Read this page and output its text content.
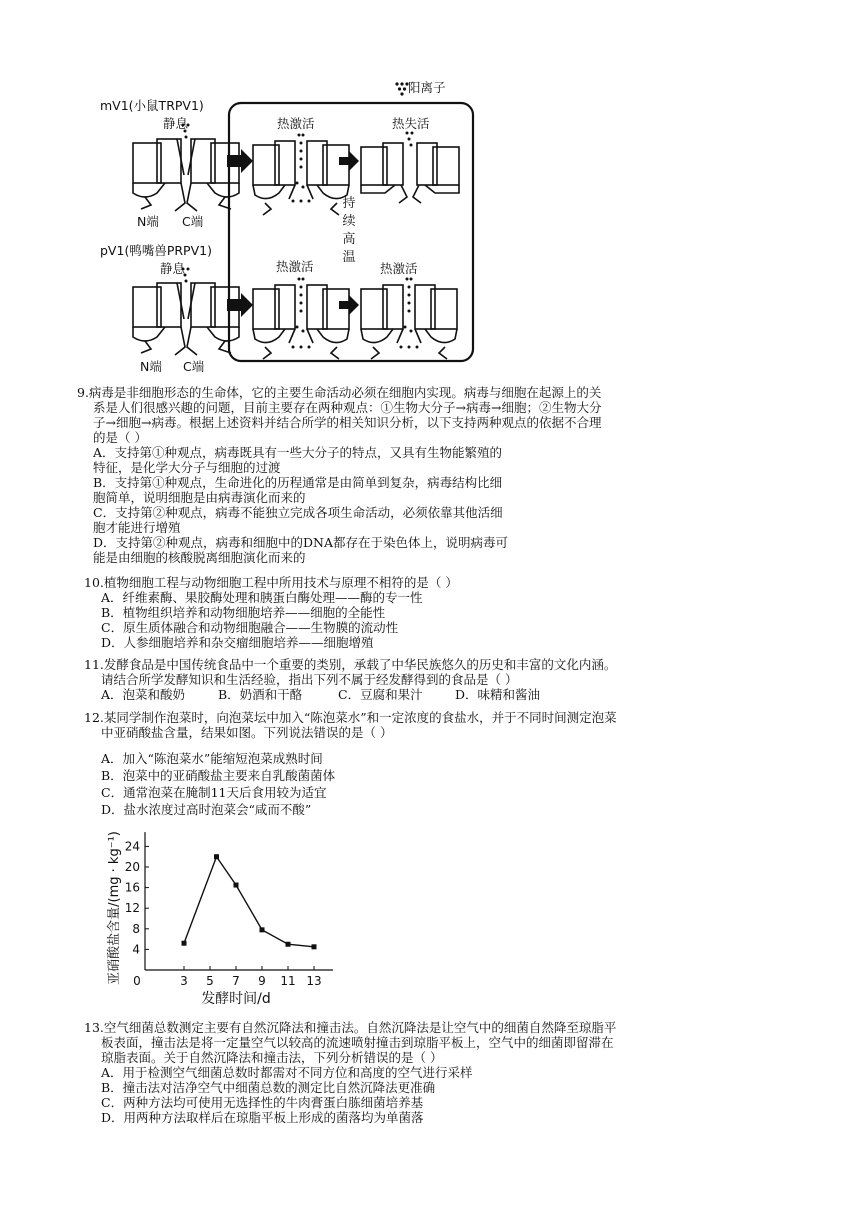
阳离子
mV1(小鼠TRPV1)
静息	热激活	热失活
N端 C端
pV1(鸭嘴兽PRPV1)
静息	热激活	热激活
N端 C端
持
续
高
温
9.病毒是非细胞形态的生命体，它的主要生命活动必须在细胞内实现。病毒与细胞在起源上的关
系是人们很感兴趣的问题，目前主要存在两种观点：①生物大分子→病毒→细胞；②生物大分
子→细胞→病毒。根据上述资料并结合所学的相关知识分析，以下支持两种观点的依据不合理
的是（ ）
A．支持第①种观点，病毒既具有一些大分子的特点，又具有生物能繁殖的
特征，是化学大分子与细胞的过渡
B．支持第①种观点，生命进化的历程通常是由简单到复杂，病毒结构比细
胞简单，说明细胞是由病毒演化而来的
C．支持第②种观点，病毒不能独立完成各项生命活动，必须依靠其他活细
胞才能进行增殖
D．支持第②种观点，病毒和细胞中的DNA都存在于染色体上，说明病毒可
能是由细胞的核酸脱离细胞演化而来的
10.植物细胞工程与动物细胞工程中所用技术与原理不相符的是（ ）
A．纤维素酶、果胶酶处理和胰蛋白酶处理——酶的专一性
B．植物组织培养和动物细胞培养——细胞的全能性
C．原生质体融合和动物细胞融合——生物膜的流动性
D．人参细胞培养和杂交瘤细胞培养——细胞增殖
11.发酵食品是中国传统食品中一个重要的类别，承载了中华民族悠久的历史和丰富的文化内涵。
请结合所学发酵知识和生活经验，指出下列不属于经发酵得到的食品是（ ）
A．泡菜和酸奶	B．奶酒和干酪	C．豆腐和果汁	D．味精和酱油
12.某同学制作泡菜时，向泡菜坛中加入“陈泡菜水”和一定浓度的食盐水，并于不同时间测定泡菜
中亚硝酸盐含量，结果如图。下列说法错误的是（ ）
A．加入“陈泡菜水”能缩短泡菜成熟时间
B．泡菜中的亚硝酸盐主要来自乳酸菌菌体
C．通常泡菜在腌制11天后食用较为适宜
D．盐水浓度过高时泡菜会“咸而不酸”
4
8
12
16
20
24
3 5 7 9 11 13
0
发酵时间/d
亚硝酸盐含量/(mg · kg⁻¹)
13.空气细菌总数测定主要有自然沉降法和撞击法。自然沉降法是让空气中的细菌自然降至琼脂平
板表面，撞击法是将一定量空气以较高的流速喷射撞击到琼脂平板上，空气中的细菌即留滞在
琼脂表面。关于自然沉降法和撞击法，下列分析错误的是（ ）
A．用于检测空气细菌总数时都需对不同方位和高度的空气进行采样
B．撞击法对洁净空气中细菌总数的测定比自然沉降法更准确
C．两种方法均可使用无选择性的牛肉膏蛋白胨细菌培养基
D．用两种方法取样后在琼脂平板上形成的菌落均为单菌落
